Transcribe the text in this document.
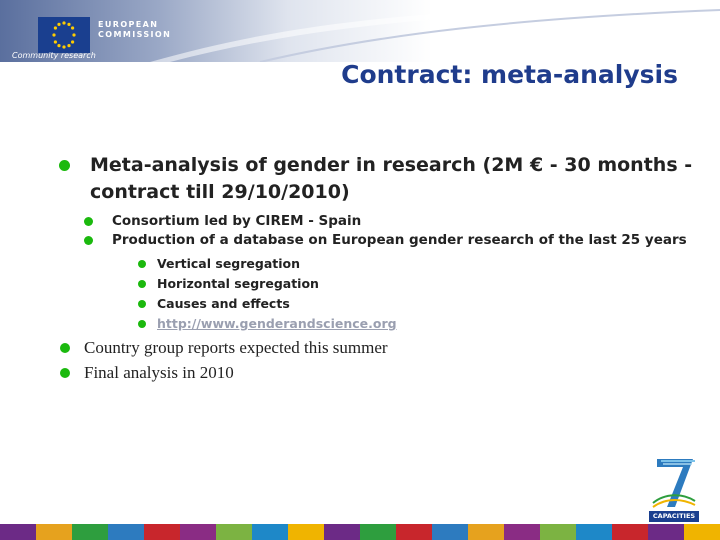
EUROPEAN
COMMISSION
Community research
Contract: meta-analysis
Meta-analysis of gender in research (2M € - 30 months - contract till 29/10/2010)
Consortium led by CIREM - Spain
Production of a database on European gender research of the last 25 years
Vertical segregation
Horizontal segregation
Causes and effects
http://www.genderandscience.org
Country group reports expected this summer
Final analysis in 2010
CAPACITIES
